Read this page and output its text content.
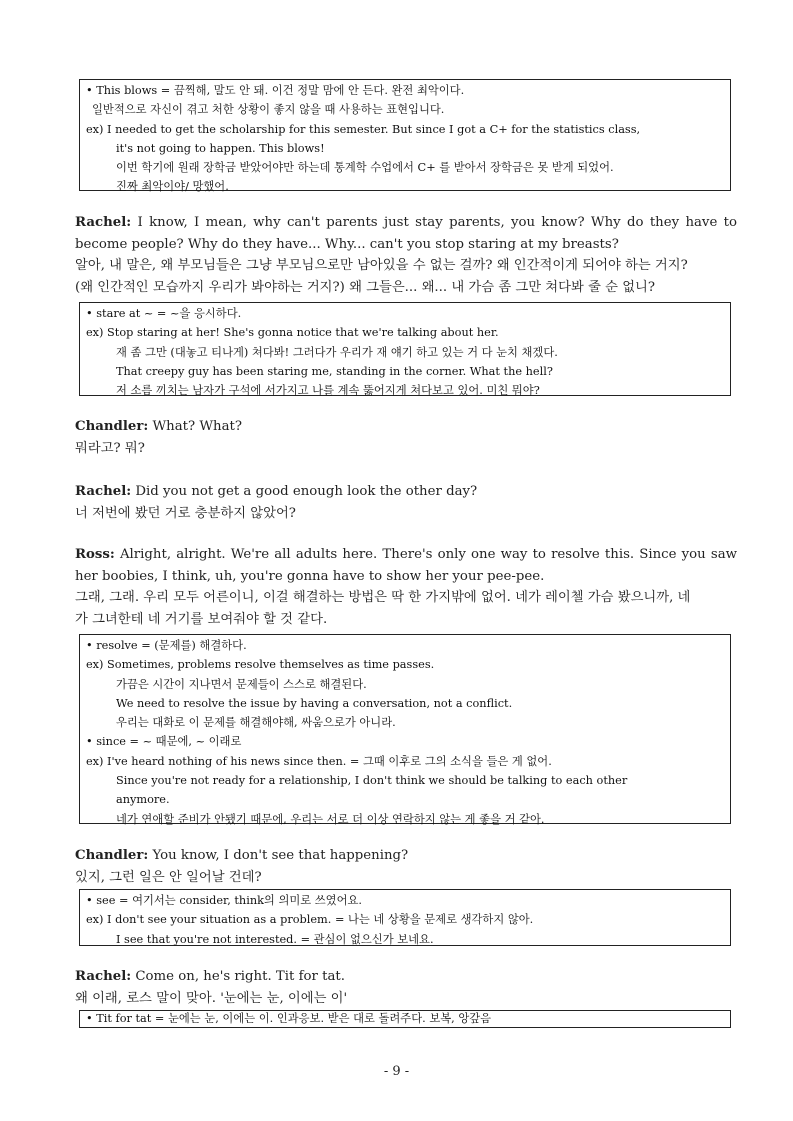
• This blows = 끔찍해, 말도 안 돼. 이건 정말 맘에 안 든다. 완전 최악이다.
일반적으로 자신이 겪고 처한 상황이 좋지 않을 때 사용하는 표현입니다.
ex) I needed to get the scholarship for this semester. But since I got a C+ for the statistics class,
it's not going to happen. This blows!
이번 학기에 원래 장학금 받았어야만 하는데 통계학 수업에서 C+ 를 받아서 장학금은 못 받게 되었어.
진짜 최악이야/ 망했어.
Rachel: I know, I mean, why can't parents just stay parents, you know? Why do they have to
become people? Why do they have... Why... can't you stop staring at my breasts?
알아, 내 말은, 왜 부모님들은 그냥 부모님으로만 남아있을 수 없는 걸까? 왜 인간적이게 되어야 하는 거지?
(왜 인간적인 모습까지 우리가 봐야하는 거지?) 왜 그들은... 왜... 내 가슴 좀 그만 쳐다봐 줄 순 없니?
• stare at ~ = ~을 응시하다.
ex) Stop staring at her! She's gonna notice that we're talking about her.
재 좀 그만 (대놓고 티나게) 쳐다봐! 그러다가 우리가 재 얘기 하고 있는 거 다 눈치 채겠다.
That creepy guy has been staring me, standing in the corner. What the hell?
저 소름 끼치는 남자가 구석에 서가지고 나를 계속 뚫어지게 쳐다보고 있어. 미친 뭐야?
Chandler: What? What?
뭐라고? 뭐?
Rachel: Did you not get a good enough look the other day?
너 저번에 봤던 거로 충분하지 않았어?
Ross: Alright, alright. We're all adults here. There's only one way to resolve this. Since you saw
her boobies, I think, uh, you're gonna have to show her your pee-pee.
그래, 그래. 우리 모두 어른이니, 이걸 해결하는 방법은 딱 한 가지밖에 없어. 네가 레이첼 가슴 봤으니까, 네
가 그녀한테 네 거기를 보여줘야 할 것 같다.
• resolve = (문제를) 해결하다.
ex) Sometimes, problems resolve themselves as time passes.
가끔은 시간이 지나면서 문제들이 스스로 해결된다.
We need to resolve the issue by having a conversation, not a conflict.
우리는 대화로 이 문제를 해결해야해, 싸움으로가 아니라.
• since = ~ 때문에, ~ 이래로
ex) I've heard nothing of his news since then. = 그때 이후로 그의 소식을 들은 게 없어.
Since you're not ready for a relationship, I don't think we should be talking to each other
anymore.
네가 연애할 준비가 안됐기 때문에, 우리는 서로 더 이상 연락하지 않는 게 좋을 거 같아.
Chandler: You know, I don't see that happening?
있지, 그런 일은 안 일어날 건데?
• see = 여기서는 consider, think의 의미로 쓰였어요.
ex) I don't see your situation as a problem. = 나는 네 상황을 문제로 생각하지 않아.
I see that you're not interested. = 관심이 없으신가 보네요.
Rachel: Come on, he's right. Tit for tat.
왜 이래, 로스 말이 맞아. '눈에는 눈, 이에는 이'
• Tit for tat = 눈에는 눈, 이에는 이. 인과응보. 받은 대로 돌려주다. 보복, 앙갚음
- 9 -
